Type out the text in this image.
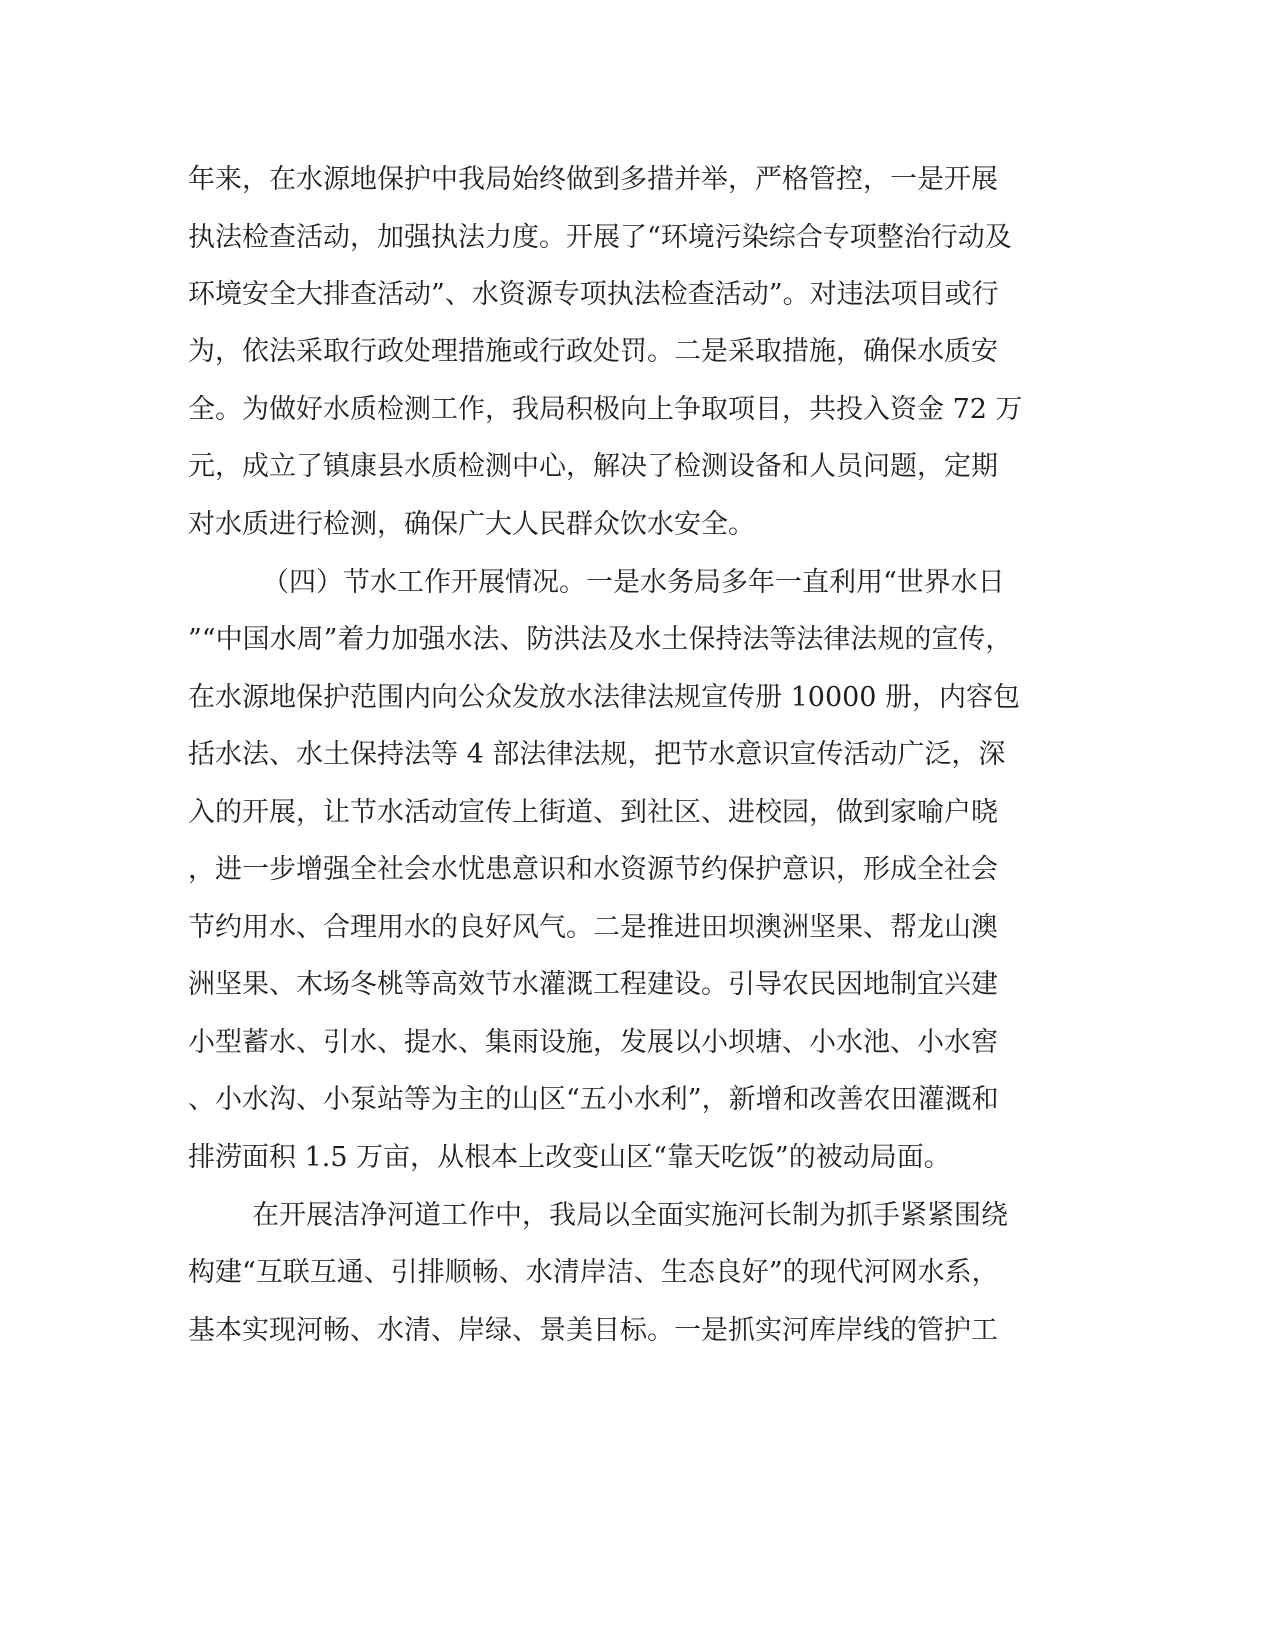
年来，在水源地保护中我局始终做到多措并举，严格管控，一是开展
执法检查活动，加强执法力度。开展了“环境污染综合专项整治行动及
环境安全大排查活动”、水资源专项执法检查活动”。对违法项目或行
为，依法采取行政处理措施或行政处罚。二是采取措施，确保水质安
全。为做好水质检测工作，我局积极向上争取项目，共投入资金 72 万
元，成立了镇康县水质检测中心，解决了检测设备和人员问题，定期
对水质进行检测，确保广大人民群众饮水安全。
（四）节水工作开展情况。一是水务局多年一直利用“世界水日
”“中国水周”着力加强水法、防洪法及水土保持法等法律法规的宣传，
在水源地保护范围内向公众发放水法律法规宣传册 10000 册，内容包
括水法、水土保持法等 4 部法律法规，把节水意识宣传活动广泛，深
入的开展，让节水活动宣传上街道、到社区、进校园，做到家喻户晓
，进一步增强全社会水忧患意识和水资源节约保护意识，形成全社会
节约用水、合理用水的良好风气。二是推进田坝澳洲坚果、帮龙山澳
洲坚果、木场冬桃等高效节水灌溉工程建设。引导农民因地制宜兴建
小型蓄水、引水、提水、集雨设施，发展以小坝塘、小水池、小水窖
、小水沟、小泵站等为主的山区“五小水利”，新增和改善农田灌溉和
排涝面积 1.5 万亩，从根本上改变山区“靠天吃饭”的被动局面。
在开展洁净河道工作中，我局以全面实施河长制为抓手紧紧围绕
构建“互联互通、引排顺畅、水清岸洁、生态良好”的现代河网水系，
基本实现河畅、水清、岸绿、景美目标。一是抓实河库岸线的管护工
